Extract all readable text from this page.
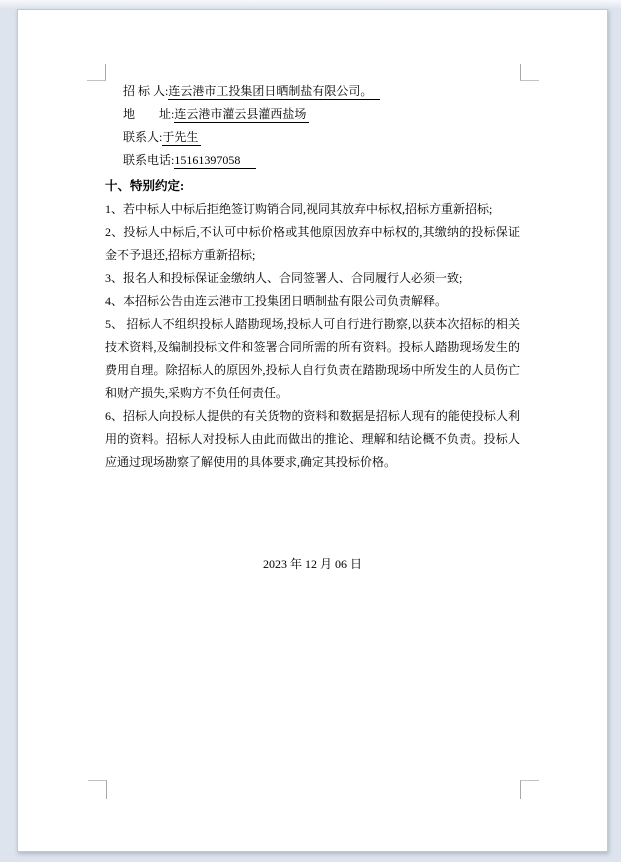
招 标 人:连云港市工投集团日晒制盐有限公司。

地　　址:连云港市灌云县灌西盐场

联系人:于先生

联系电话:15161397058

十、特别约定:

1、若中标人中标后拒绝签订购销合同,视同其放弃中标权,招标方重新招标;

2、投标人中标后,不认可中标价格或其他原因放弃中标权的,其缴纳的投标保证金不予退还,招标方重新招标;

3、报名人和投标保证金缴纳人、合同签署人、合同履行人必须一致;

4、本招标公告由连云港市工投集团日晒制盐有限公司负责解释。

5、 招标人不组织投标人踏勘现场,投标人可自行进行勘察,以获本次招标的相关技术资料,及编制投标文件和签署合同所需的所有资料。投标人踏勘现场发生的费用自理。除招标人的原因外,投标人自行负责在踏勘现场中所发生的人员伤亡和财产损失,采购方不负任何责任。

6、招标人向投标人提供的有关货物的资料和数据是招标人现有的能使投标人利用的资料。招标人对投标人由此而做出的推论、理解和结论概不负责。投标人应通过现场勘察了解使用的具体要求,确定其投标价格。

2023 年 12 月 06 日
